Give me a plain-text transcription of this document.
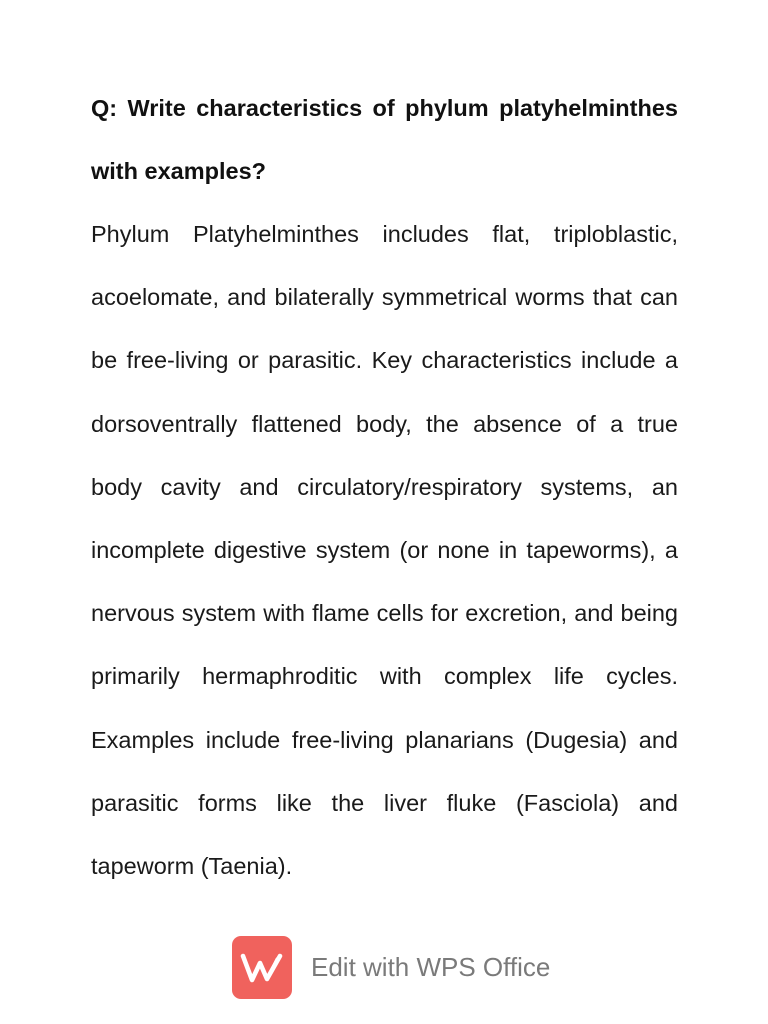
Q: Write characteristics of phylum platyhelminthes with examples?

Phylum Platyhelminthes includes flat, triploblastic, acoelomate, and bilaterally symmetrical worms that can be free-living or parasitic. Key characteristics include a dorsoventrally flattened body, the absence of a true body cavity and circulatory/respiratory systems, an incomplete digestive system (or none in tapeworms), a nervous system with flame cells for excretion, and being primarily hermaphroditic with complex life cycles. Examples include free-living planarians (Dugesia) and parasitic forms like the liver fluke (Fasciola) and tapeworm (Taenia).

Edit with WPS Office
